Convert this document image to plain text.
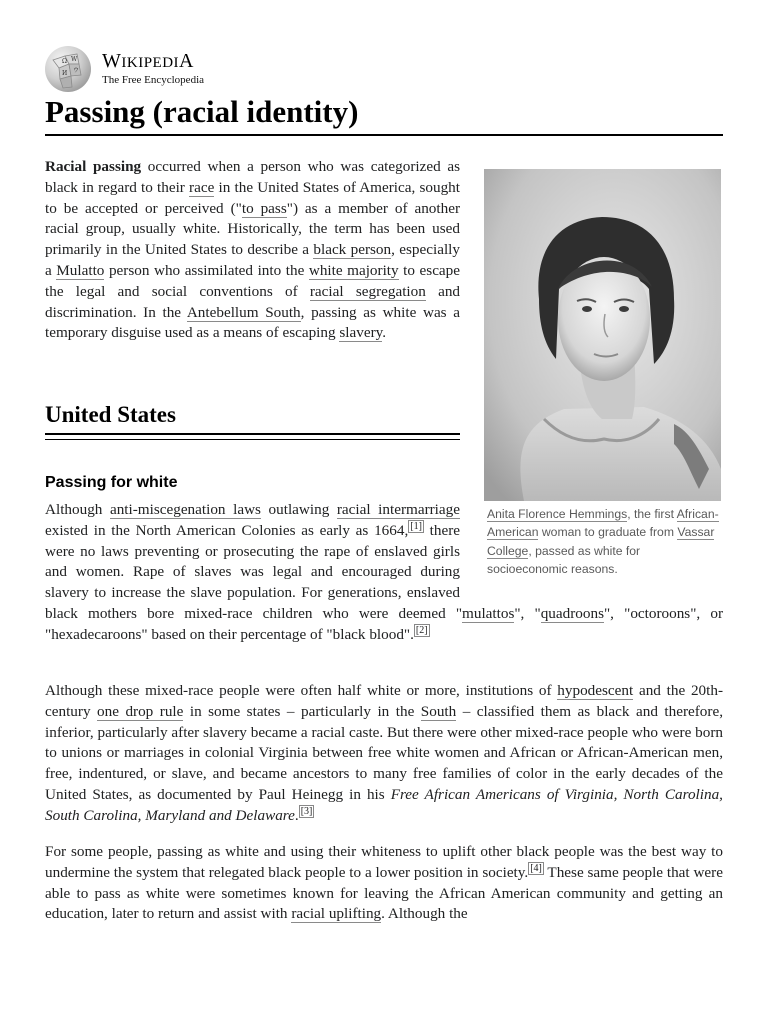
Ω W
И ウ WIKIPEDIA
The Free Encyclopedia
Passing (racial identity)

Racial passing occurred when a person who was categorized as black in regard to their race in the United States of America, sought to be accepted or perceived ("to pass") as a member of another racial group, usually white. Historically, the term has been used primarily in the United States to describe a black person, especially a Mulatto person who assimilated into the white majority to escape the legal and social conventions of racial segregation and discrimination. In the Antebellum South, passing as white was a temporary disguise used as a means of escaping slavery.

Anita Florence Hemmings, the first African-American woman to graduate from Vassar College, passed as white for socioeconomic reasons.
United States
Passing for white

Although anti-miscegenation laws outlawing racial intermarriage existed in the North American Colonies as early as 1664, [1] there were no laws preventing or prosecuting the rape of enslaved girls and women. Rape of slaves was legal and encouraged during slavery to increase the slave population. For generations, enslaved black mothers bore mixed-race children who were deemed "mulattos", "quadroons", "octoroons", or "hexadecaroons" based on their percentage of "black blood". [2]

Although these mixed-race people were often half white or more, institutions of hypodescent and the 20th-century one drop rule in some states – particularly in the South – classified them as black and therefore, inferior, particularly after slavery became a racial caste. But there were other mixed-race people who were born to unions or marriages in colonial Virginia between free white women and African or African-American men, free, indentured, or slave, and became ancestors to many free families of color in the early decades of the United States, as documented by Paul Heinegg in his Free African Americans of Virginia, North Carolina, South Carolina, Maryland and Delaware. [3]

For some people, passing as white and using their whiteness to uplift other black people was the best way to undermine the system that relegated black people to a lower position in society. [4] These same people that were able to pass as white were sometimes known for leaving the African American community and getting an education, later to return and assist with racial uplifting. Although the
